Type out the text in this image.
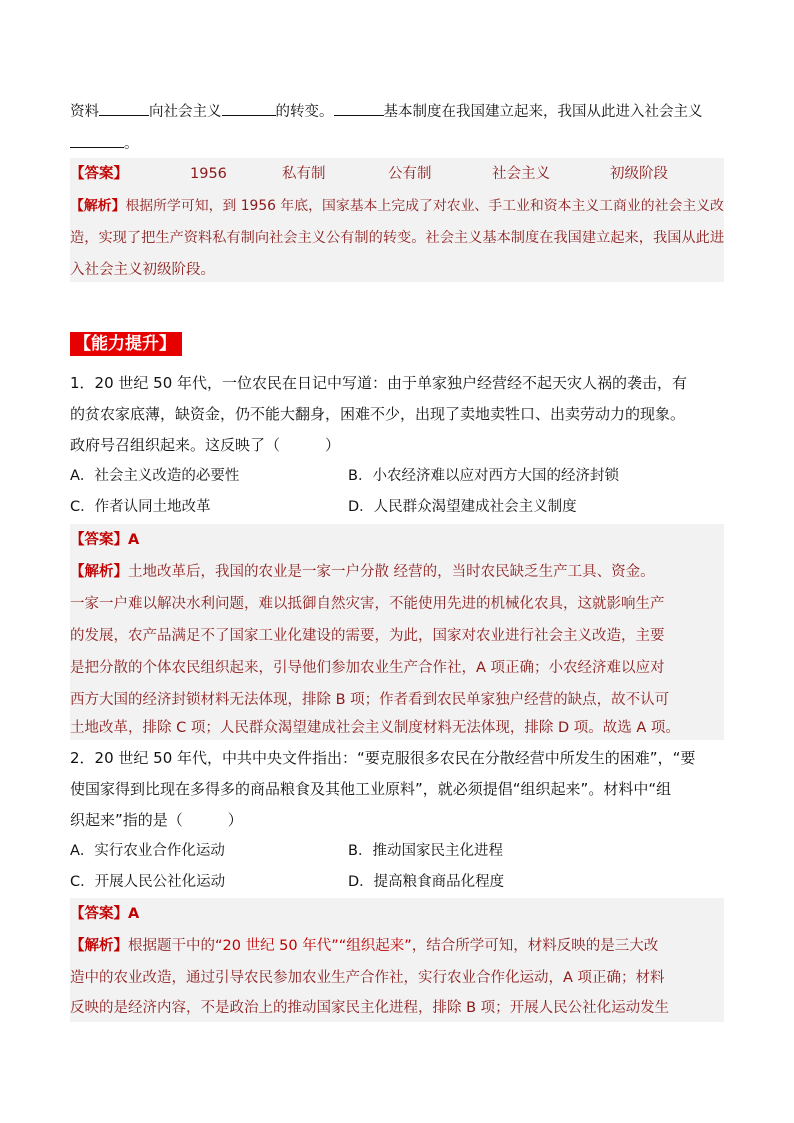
资料	向社会主义	的转变。	基本制度在我国建立起来，我国从此进入社会主义
。
【答案】	1956	私有制	公有制	社会主义	初级阶段
【解析】根据所学可知，到 1956 年底，国家基本上完成了对农业、手工业和资本主义工商业的社会主义改
造，实现了把生产资料私有制向社会主义公有制的转变。社会主义基本制度在我国建立起来，我国从此进
入社会主义初级阶段。
【能力提升】
1．20 世纪 50 年代，一位农民在日记中写道：由于单家独户经营经不起天灾人祸的袭击，有
的贫农家底薄，缺资金，仍不能大翻身，困难不少，出现了卖地卖牲口、出卖劳动力的现象。
政府号召组织起来。这反映了（　　　）
A．社会主义改造的必要性	B．小农经济难以应对西方大国的经济封锁
C．作者认同土地改革	D．人民群众渴望建成社会主义制度
【答案】A
【解析】土地改革后，我国的农业是一家一户分散 经营的，当时农民缺乏生产工具、资金。
一家一户难以解决水利问题，难以抵御自然灾害，不能使用先进的机械化农具，这就影响生产
的发展，农产品满足不了国家工业化建设的需要，为此，国家对农业进行社会主义改造，主要
是把分散的个体农民组织起来，引导他们参加农业生产合作社，A 项正确；小农经济难以应对
西方大国的经济封锁材料无法体现，排除 B 项；作者看到农民单家独户经营的缺点，故不认可
土地改革，排除 C 项；人民群众渴望建成社会主义制度材料无法体现，排除 D 项。故选 A 项。
2．20 世纪 50 年代，中共中央文件指出：“要克服很多农民在分散经营中所发生的困难”，“要
使国家得到比现在多得多的商品粮食及其他工业原料”，就必须提倡“组织起来”。材料中“组
织起来”指的是（　　　）
A．实行农业合作化运动	B．推动国家民主化进程
C．开展人民公社化运动	D．提高粮食商品化程度
【答案】A
【解析】根据题干中的“20 世纪 50 年代”“组织起来”，结合所学可知，材料反映的是三大改
造中的农业改造，通过引导农民参加农业生产合作社，实行农业合作化运动，A 项正确；材料
反映的是经济内容，不是政治上的推动国家民主化进程，排除 B 项；开展人民公社化运动发生
